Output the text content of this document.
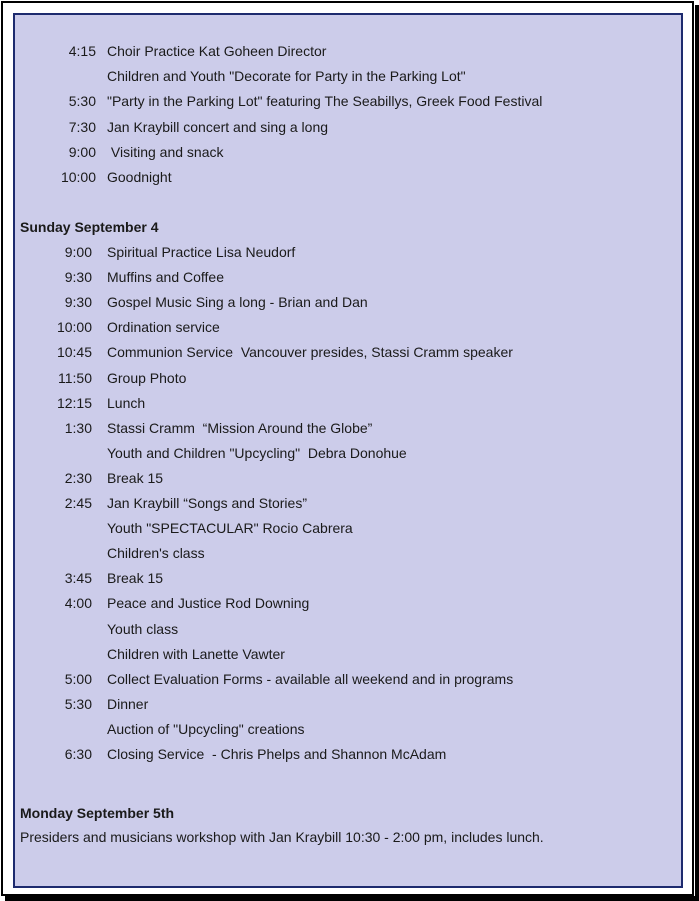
4:15 Choir Practice Kat Goheen Director
Children and Youth "Decorate for Party in the Parking Lot"
5:30 "Party in the Parking Lot" featuring The Seabillys, Greek Food Festival
7:30 Jan Kraybill concert and sing a long
9:00 Visiting and snack
10:00 Goodnight
Sunday September 4
9:00 Spiritual Practice Lisa Neudorf
9:30 Muffins and Coffee
9:30 Gospel Music Sing a long - Brian and Dan
10:00 Ordination service
10:45 Communion Service  Vancouver presides, Stassi Cramm speaker
11:50 Group Photo
12:15 Lunch
1:30 Stassi Cramm  “Mission Around the Globe”
Youth and Children "Upcycling"  Debra Donohue
2:30 Break 15
2:45 Jan Kraybill “Songs and Stories”
Youth "SPECTACULAR" Rocio Cabrera
Children's class
3:45 Break 15
4:00 Peace and Justice Rod Downing
Youth class
Children with Lanette Vawter
5:00 Collect Evaluation Forms - available all weekend and in programs
5:30 Dinner
Auction of "Upcycling" creations
6:30 Closing Service  - Chris Phelps and Shannon McAdam
Monday September 5th
Presiders and musicians workshop with Jan Kraybill 10:30 - 2:00 pm, includes lunch.
